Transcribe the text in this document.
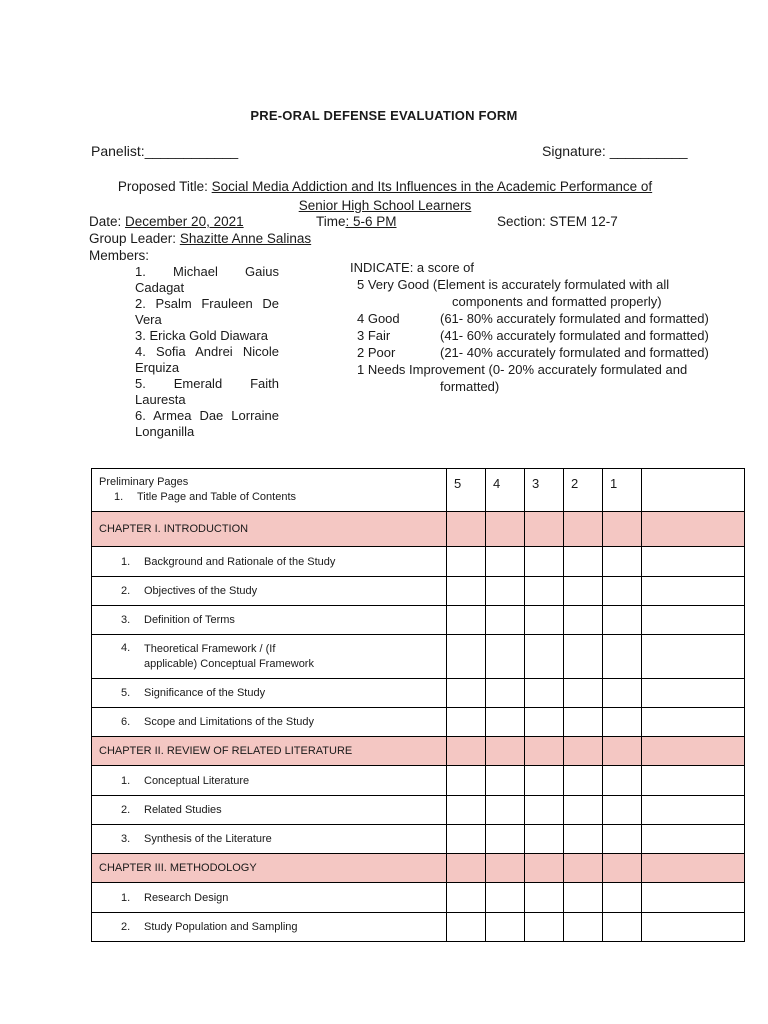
PRE-ORAL DEFENSE EVALUATION FORM
Panelist:____________	Signature: __________
Proposed Title: Social Media Addiction and Its Influences in the Academic Performance of
Senior High School Learners
Date: December 20, 2021	Time: 5-6 PM	Section: STEM 12-7
Group Leader: Shazitte Anne Salinas
Members:
1. Michael Gaius Cadagat
2. Psalm Frauleen De Vera
3. Ericka Gold Diawara
4. Sofia Andrei Nicole Erquiza
5. Emerald Faith Lauresta
6. Armea Dae Lorraine Longanilla
INDICATE: a score of
5 Very Good (Element is accurately formulated with all
components and formatted properly)
4 Good	(61- 80% accurately formulated and formatted)
3 Fair	(41- 60% accurately formulated and formatted)
2 Poor	(21- 40% accurately formulated and formatted)
1 Needs Improvement (0- 20% accurately formulated and
formatted)
Preliminary Pages
1. Title Page and Table of Contents	5	4	3	2	1	
CHAPTER I. INTRODUCTION						
1. Background and Rationale of the Study						
2. Objectives of the Study						
3. Definition of Terms						

4. Theoretical Framework / (If applicable) Conceptual Framework						

5. Significance of the Study						
6. Scope and Limitations of the Study						
CHAPTER II. REVIEW OF RELATED LITERATURE						
1. Conceptual Literature						
2. Related Studies						
3. Synthesis of the Literature						
CHAPTER III. METHODOLOGY						
1. Research Design						
2. Study Population and Sampling						
